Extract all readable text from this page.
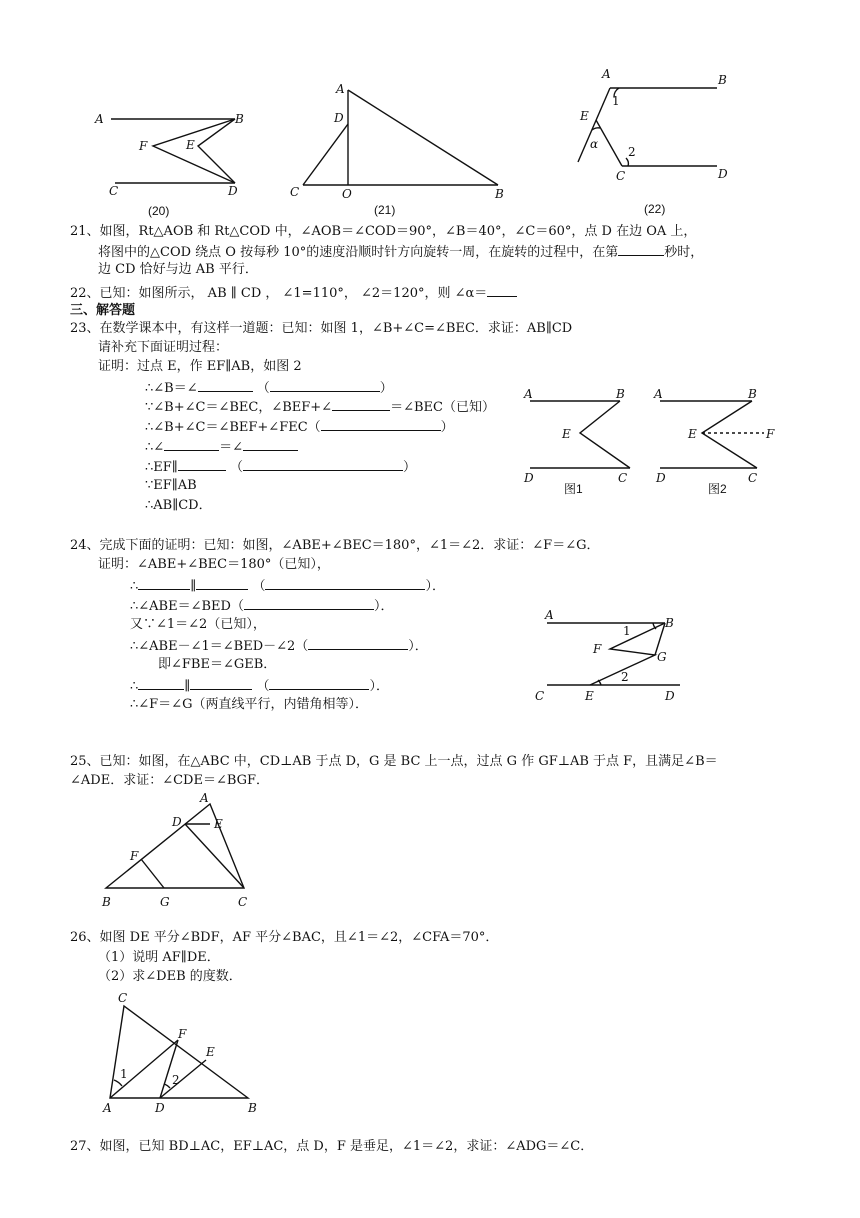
A	B
F	E
C	D
(20)
A
D
C	O	B
(21)
A	B
1
E
α
2
C	D
(22)
21、如图，Rt△AOB 和 Rt△COD 中，∠AOB＝∠COD＝90°，∠B＝40°，∠C＝60°，点 D 在边 OA 上，
将图中的△COD 绕点 O 按每秒 10°的速度沿顺时针方向旋转一周，在旋转的过程中，在第	秒时，
边 CD 恰好与边 AB 平行．
22、已知：如图所示， AB ∥ CD ， ∠1=110°， ∠2＝120°，则 ∠α＝
三、解答题
23、在数学课本中，有这样一道题：已知：如图 1，∠B+∠C=∠BEC．求证：AB∥CD
请补充下面证明过程：
证明：过点 E，作 EF∥AB，如图 2
∴∠B＝∠	（	）
∵∠B+∠C＝∠BEC，∠BEF+∠	＝∠BEC（已知）
∴∠B+∠C＝∠BEF+∠FEC（	）
∴∠	＝∠
∴EF∥	（	）
∵EF∥AB
∴AB∥CD．
A	B
E
D	C
图1
A	B
E	F
D	C
图2
24、完成下面的证明：已知：如图，∠ABE+∠BEC＝180°，∠1＝∠2．求证：∠F＝∠G．
证明：∠ABE+∠BEC＝180°（已知），
∴	∥	（	）．
∴∠ABE＝∠BED（	）．
又∵∠1＝∠2（已知），
∴∠ABE－∠1＝∠BED－∠2（	）．
即∠FBE＝∠GEB．
∴	∥	（	）．
∴∠F＝∠G（两直线平行，内错角相等）．
A
B
1
F
G
2
C	E	D
25、已知：如图，在△ABC 中，CD⊥AB 于点 D，G 是 BC 上一点，过点 G 作 GF⊥AB 于点 F，且满足∠B＝
∠ADE．求证：∠CDE＝∠BGF．
A
D	E
F
B	G	C
26、如图 DE 平分∠BDF，AF 平分∠BAC，且∠1＝∠2，∠CFA＝70°．
（1）说明 AF∥DE．
（2）求∠DEB 的度数．
C
F
E
1	2
A	D	B
27、如图，已知 BD⊥AC，EF⊥AC，点 D，F 是垂足，∠1＝∠2，求证：∠ADG＝∠C．
